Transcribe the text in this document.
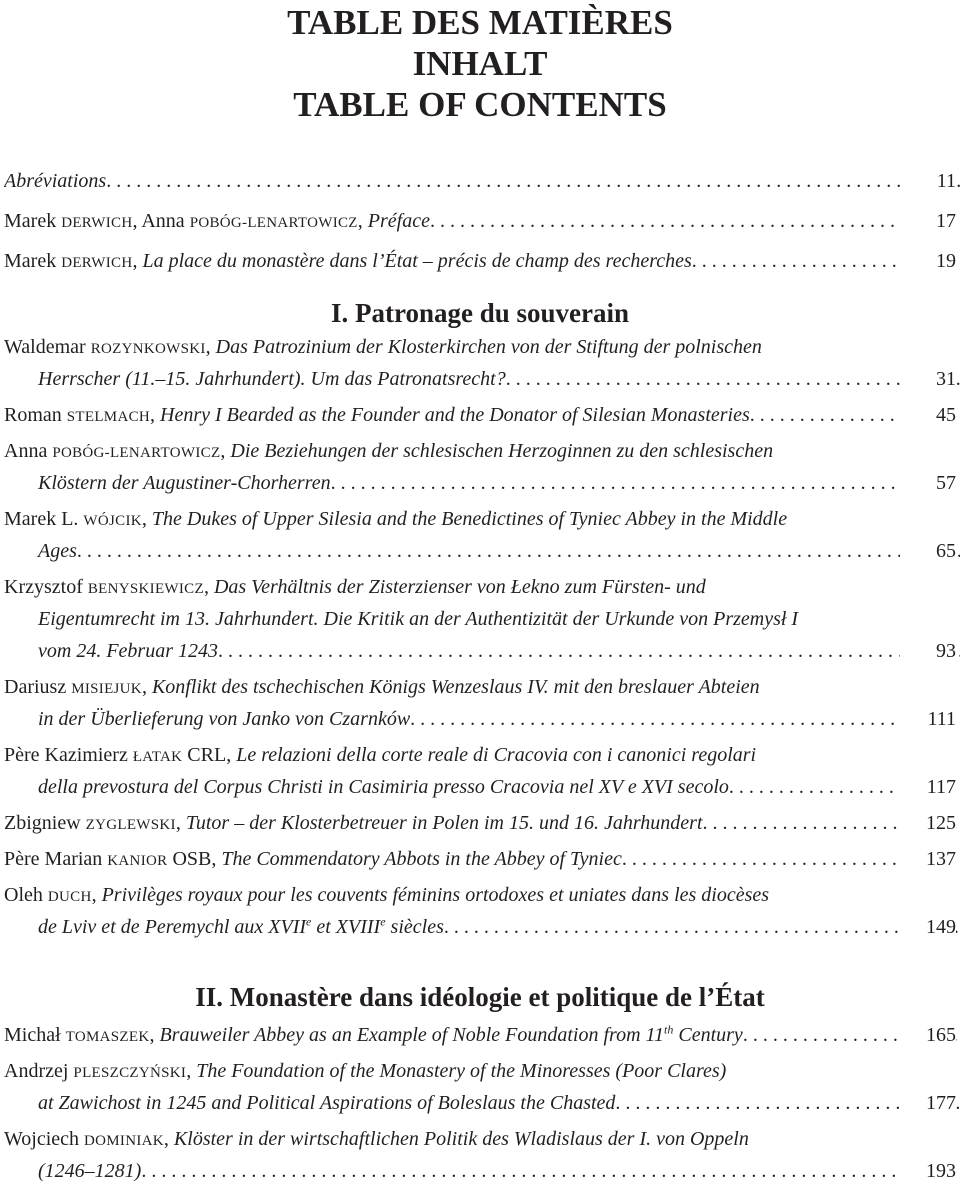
TABLE DES MATIÈRES
INHALT
TABLE OF CONTENTS
Abréviations . . .	11
Marek DERWICH, Anna POBÓG-LENARTOWICZ, Préface . . .	17
Marek DERWICH, La place du monastère dans l’État – précis de champ des recherches . . .	19
I. Patronage du souverain
Waldemar ROZYNKOWSKI, Das Patrozinium der Klosterkirchen von der Stiftung der polnischen
Herrscher (11.–15. Jahrhundert). Um das Patronatsrecht? . . .	31
Roman STELMACH, Henry I Bearded as the Founder and the Donator of Silesian Monasteries . . .	45
Anna POBÓG-LENARTOWICZ, Die Beziehungen der schlesischen Herzoginnen zu den schlesischen
Klöstern der Augustiner-Chorherren . . .	57
Marek L. WÓJCIK, The Dukes of Upper Silesia and the Benedictines of Tyniec Abbey in the Middle
Ages . . .	65
Krzysztof BENYSKIEWICZ, Das Verhältnis der Zisterzienser von Łekno zum Fürsten- und
Eigentumrecht im 13. Jahrhundert. Die Kritik an der Authentizität der Urkunde von Przemysł I
vom 24. Februar 1243 . . .	93
Dariusz MISIEJUK, Konflikt des tschechischen Königs Wenzeslaus IV. mit den breslauer Abteien
in der Überlieferung von Janko von Czarnków . . .	111
Père Kazimierz ŁATAK CRL, Le relazioni della corte reale di Cracovia con i canonici regolari
della prevostura del Corpus Christi in Casimiria presso Cracovia nel XV e XVI secolo . . .	117
Zbigniew ZYGLEWSKI, Tutor – der Klosterbetreuer in Polen im 15. und 16. Jahrhundert . . .	125
Père Marian KANIOR OSB, The Commendatory Abbots in the Abbey of Tyniec . . .	137
Oleh DUCH, Privilèges royaux pour les couvents féminins ortodoxes et uniates dans les diocèses
de Lviv et de Peremychl aux XVIIe et XVIIIe siècles . . .	149
II. Monastère dans idéologie et politique de l’État
Michał TOMASZEK, Brauweiler Abbey as an Example of Noble Foundation from 11th Century . . .	165
Andrzej PLESZCZYŃSKI, The Foundation of the Monastery of the Minoresses (Poor Clares)
at Zawichost in 1245 and Political Aspirations of Boleslaus the Chasted . . .	177
Wojciech DOMINIAK, Klöster in der wirtschaftlichen Politik des Wladislaus der I. von Oppeln
(1246–1281) . . .	193
